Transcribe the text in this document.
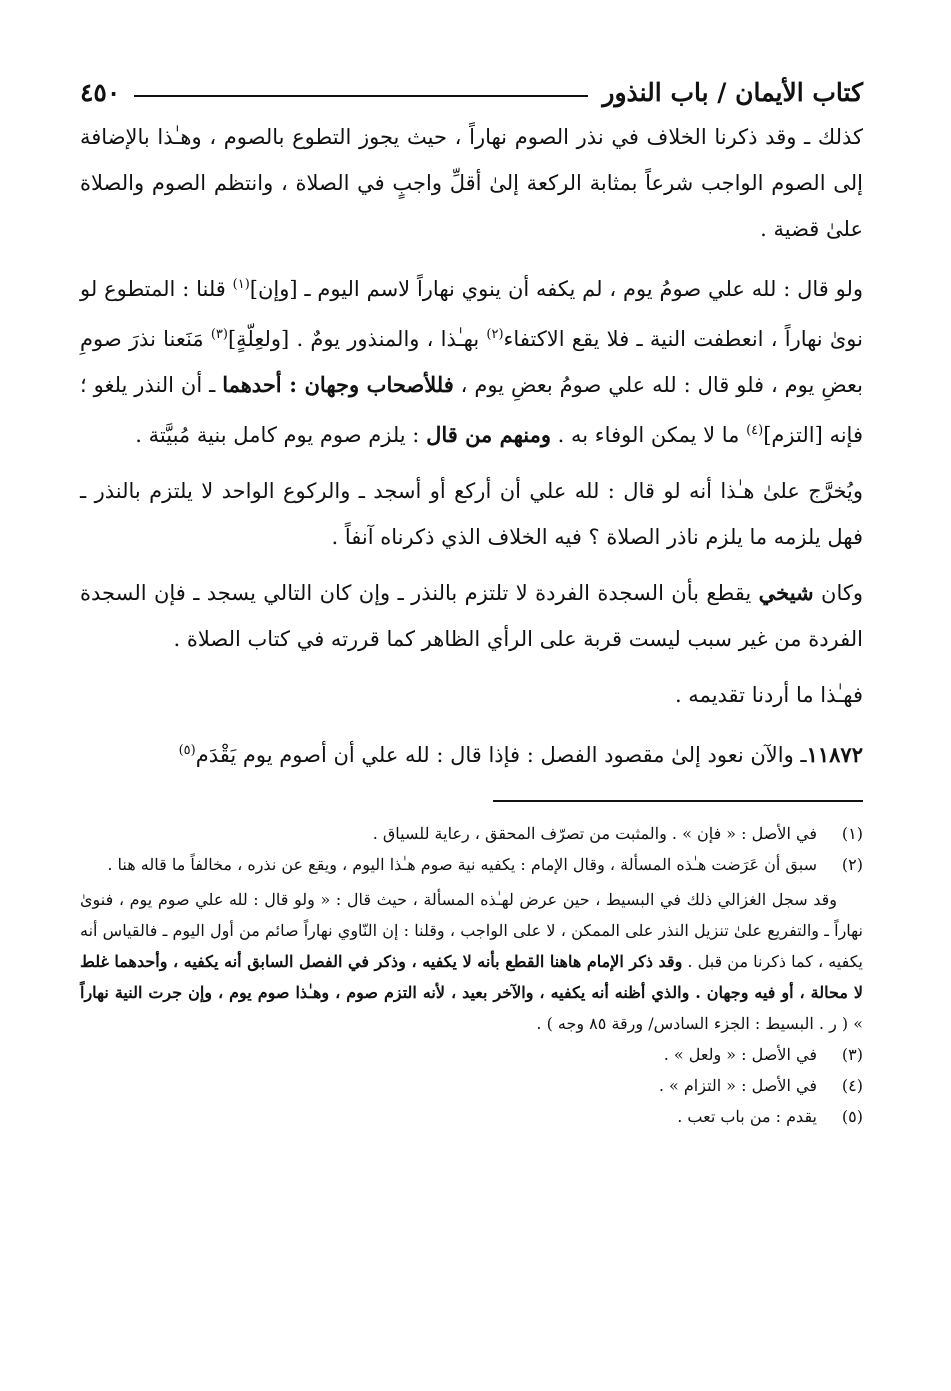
كتاب الأيمان / باب النذور
٤٥٠

كذلك ـ وقد ذكرنا الخلاف في نذر الصوم نهاراً ، حيث يجوز التطوع بالصوم ، وهـٰذا بالإضافة إلى الصوم الواجب شرعاً بمثابة الركعة إلىٰ أقلِّ واجبٍ في الصلاة ، وانتظم الصوم والصلاة علىٰ قضية .

ولو قال : لله علي صومُ يوم ، لم يكفه أن ينوي نهاراً لاسم اليوم ـ [وإن]$^{(١)}$ قلنا : المتطوع لو نوىٰ نهاراً ، انعطفت النية ـ فلا يقع الاكتفاء$^{(٢)}$ بهـٰذا ، والمنذور يومٌ . [ولعِلّةٍ]$^{(٣)}$ مَنَعنا نذرَ صومِ بعضِ يوم ، فلو قال : لله علي صومُ بعضِ يوم ، فللأصحاب وجهان : أحدهما ـ أن النذر يلغو ؛ فإنه [التزم]$^{(٤)}$ ما لا يمكن الوفاء به . ومنهم من قال : يلزم صوم يوم كامل بنية مُبيَّتة .

ويُخرَّج علىٰ هـٰذا أنه لو قال : لله علي أن أركع أو أسجد ـ والركوع الواحد لا يلتزم بالنذر ـ فهل يلزمه ما يلزم ناذر الصلاة ؟ فيه الخلاف الذي ذكرناه آنفاً .

وكان شيخي يقطع بأن السجدة الفردة لا تلتزم بالنذر ـ وإن كان التالي يسجد ـ فإن السجدة الفردة من غير سبب ليست قربة على الرأي الظاهر كما قررته في كتاب الصلاة .

فهـٰذا ما أردنا تقديمه .

١١٨٧٢ـ والآن نعود إلىٰ مقصود الفصل : فإذا قال : لله علي أن أصوم يوم يَقْدَم$^{(٥)}$

(١)
في الأصل : « فإن » . والمثبت من تصرّف المحقق ، رعاية للسياق .
(٢)
سبق أن عَرَضت هـٰذه المسألة ، وقال الإمام : يكفيه نية صوم هـٰذا اليوم ، ويقع عن نذره ، مخالفاً ما قاله هنا .
وقد سجل الغزالي ذلك في البسيط ، حين عرض لهـٰذه المسألة ، حيث قال : « ولو قال : لله علي صوم يوم ، فنوىٰ نهاراً ـ والتفريع علىٰ تنزيل النذر على الممكن ، لا على الواجب ، وقلنا : إن النّاوي نهاراً صائم من أول اليوم ـ فالقياس أنه يكفيه ، كما ذكرنا من قبل . وقد ذكر الإمام هاهنا القطع بأنه لا يكفيه ، وذكر في الفصل السابق أنه يكفيه ، وأحدهما غلط لا محالة ، أو فيه وجهان . والذي أظنه أنه يكفيه ، والآخر بعيد ، لأنه التزم صوم ، وهـٰذا صوم يوم ، وإن جرت النية نهاراً » ( ر . البسيط : الجزء السادس/ ورقة ٨٥ وجه ) .
(٣)
في الأصل : « ولعل » .
(٤)
في الأصل : « التزام » .
(٥)
يقدم : من باب تعب .
